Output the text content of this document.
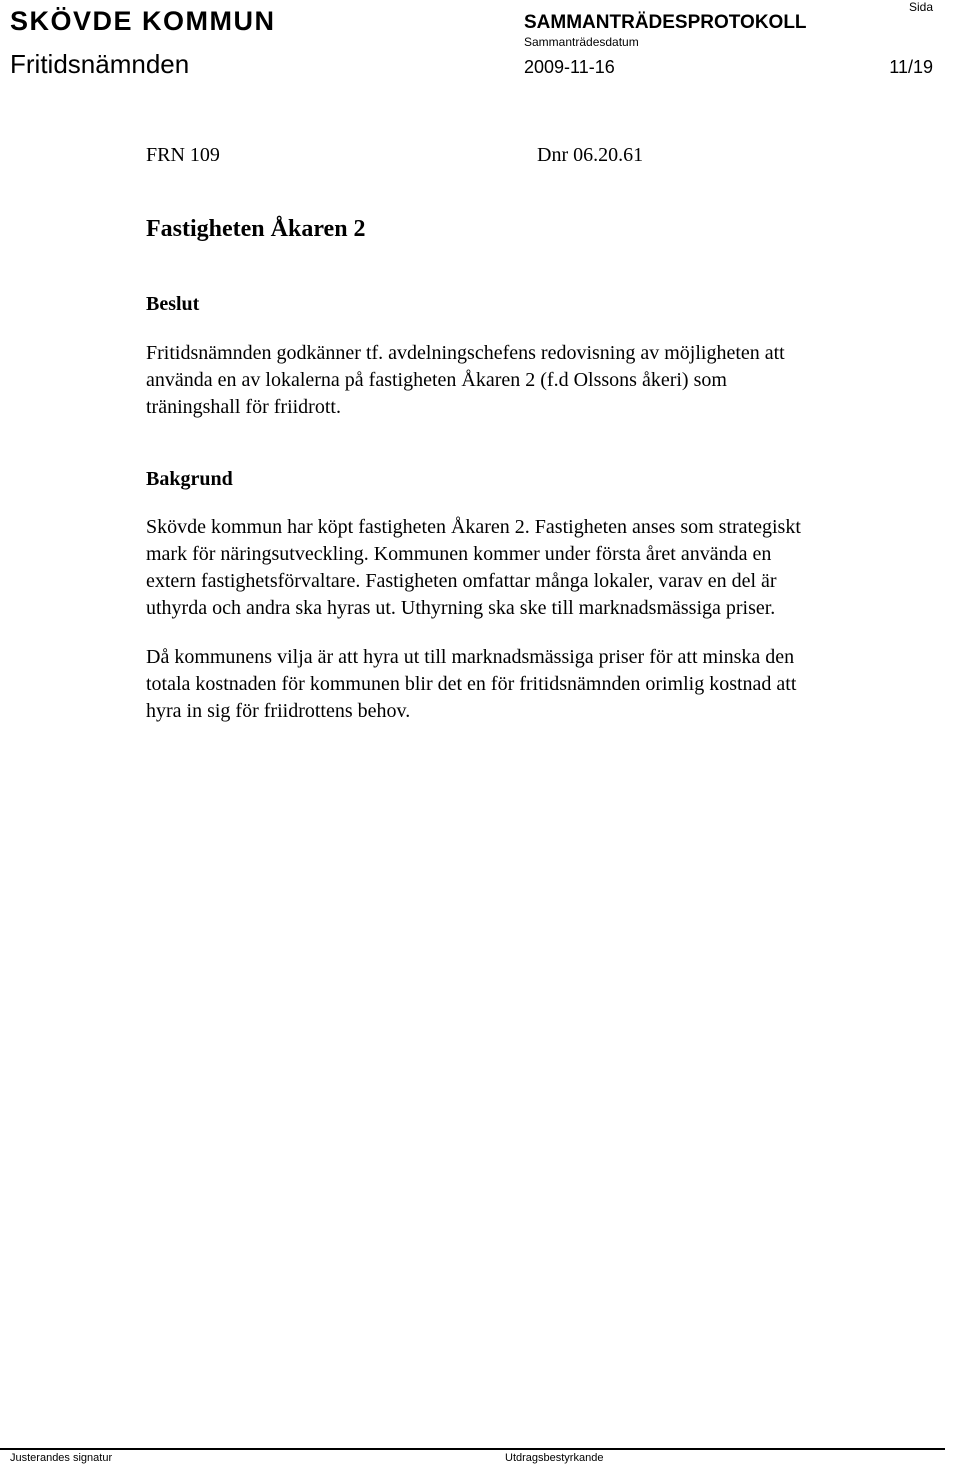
SKÖVDE KOMMUN
Fritidsnämnden
SAMMANTRÄDESPROTOKOLL
Sammanträdesdatum
2009-11-16
Sida
11/19
FRN 109	Dnr 06.20.61
Fastigheten Åkaren 2
Beslut
Fritidsnämnden godkänner tf. avdelningschefens redovisning av möjligheten att
använda en av lokalerna på fastigheten Åkaren 2 (f.d Olssons åkeri) som
träningshall för friidrott.
Bakgrund
Skövde kommun har köpt fastigheten Åkaren 2. Fastigheten anses som strategiskt
mark för näringsutveckling. Kommunen kommer under första året använda en
extern fastighetsförvaltare. Fastigheten omfattar många lokaler, varav en del är
uthyrda och andra ska hyras ut. Uthyrning ska ske till marknadsmässiga priser.
Då kommunens vilja är att hyra ut till marknadsmässiga priser för att minska den
totala kostnaden för kommunen blir det en för fritidsnämnden orimlig kostnad att
hyra in sig för friidrottens behov.
Justerandes signatur	Utdragsbestyrkande
